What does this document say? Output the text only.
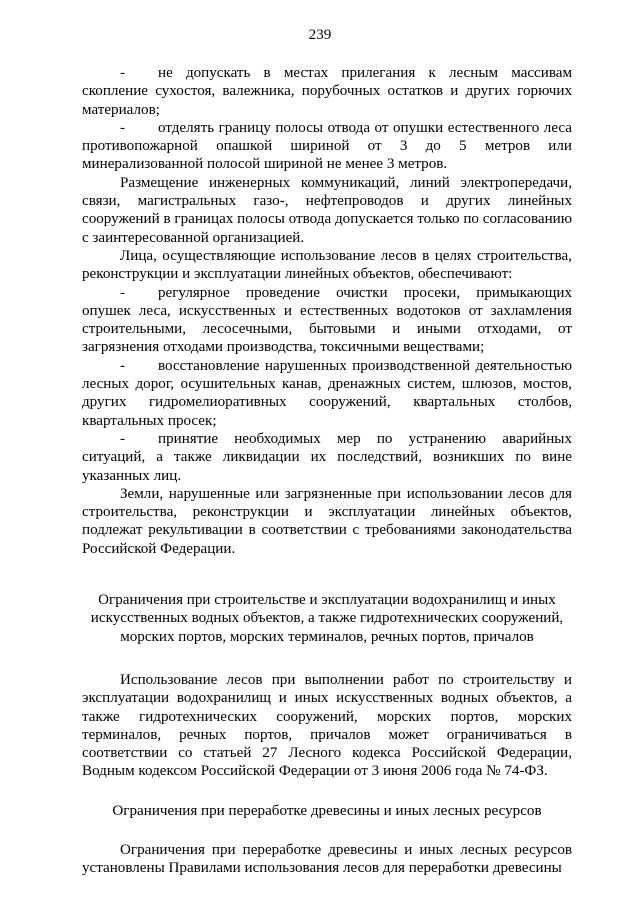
239

- не допускать в местах прилегания к лесным массивам скопление сухостоя, валежника, порубочных остатков и других горючих материалов;

- отделять границу полосы отвода от опушки естественного леса противопожарной опашкой шириной от 3 до 5 метров или минерализованной полосой шириной не менее 3 метров.

Размещение инженерных коммуникаций, линий электропередачи, связи, магистральных газо-, нефтепроводов и других линейных сооружений в границах полосы отвода допускается только по согласованию с заинтересованной организацией.

Лица, осуществляющие использование лесов в целях строительства, реконструкции и эксплуатации линейных объектов, обеспечивают:

- регулярное проведение очистки просеки, примыкающих опушек леса, искусственных и естественных водотоков от захламления строительными, лесосечными, бытовыми и иными отходами, от загрязнения отходами производства, токсичными веществами;

- восстановление нарушенных производственной деятельностью лесных дорог, осушительных канав, дренажных систем, шлюзов, мостов, других гидромелиоративных сооружений, квартальных столбов, квартальных просек;

- принятие необходимых мер по устранению аварийных ситуаций, а также ликвидации их последствий, возникших по вине указанных лиц.

Земли, нарушенные или загрязненные при использовании лесов для строительства, реконструкции и эксплуатации линейных объектов, подлежат рекультивации в соответствии с требованиями законодательства Российской Федерации.

Ограничения при строительстве и эксплуатации водохранилищ и иных искусственных водных объектов, а также гидротехнических сооружений, морских портов, морских терминалов, речных портов, причалов

Использование лесов при выполнении работ по строительству и эксплуатации водохранилищ и иных искусственных водных объектов, а также гидротехнических сооружений, морских портов, морских терминалов, речных портов, причалов может ограничиваться в соответствии со статьей 27 Лесного кодекса Российской Федерации, Водным кодексом Российской Федерации от 3 июня 2006 года № 74-ФЗ.

Ограничения при переработке древесины и иных лесных ресурсов

Ограничения при переработке древесины и иных лесных ресурсов установлены Правилами использования лесов для переработки древесины
